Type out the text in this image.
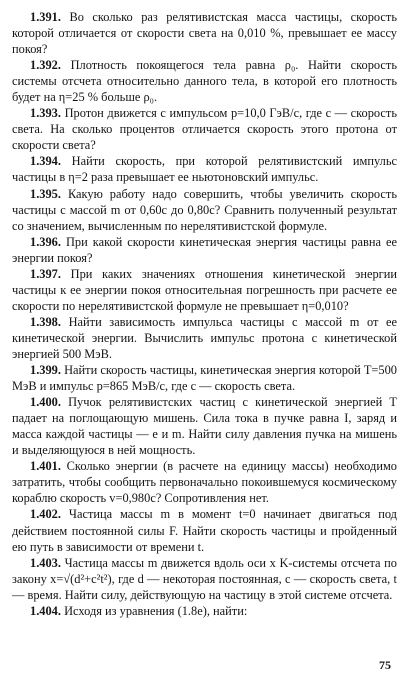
1.391. Во сколько раз релятивистская масса частицы, скорость которой отличается от скорости света на 0,010 %, превышает ее массу покоя?

1.392. Плотность покоящегося тела равна ρ₀. Найти скорость системы отсчета относительно данного тела, в которой его плотность будет на η=25 % больше ρ₀.

1.393. Протон движется с импульсом p=10,0 ГэВ/с, где с — скорость света. На сколько процентов отличается скорость этого протона от скорости света?

1.394. Найти скорость, при которой релятивистский импульс частицы в η=2 раза превышает ее ньютоновский импульс.

1.395. Какую работу надо совершить, чтобы увеличить скорость частицы с массой m от 0,60c до 0,80c? Сравнить полученный результат со значением, вычисленным по нерелятивистской формуле.

1.396. При какой скорости кинетическая энергия частицы равна ее энергии покоя?

1.397. При каких значениях отношения кинетической энергии частицы к ее энергии покоя относительная погрешность при расчете ее скорости по нерелятивистской формуле не превышает η=0,010?

1.398. Найти зависимость импульса частицы с массой m от ее кинетической энергии. Вычислить импульс протона с кинетической энергией 500 МэВ.

1.399. Найти скорость частицы, кинетическая энергия которой T=500 МэВ и импульс p=865 МэВ/с, где с — скорость света.

1.400. Пучок релятивистских частиц с кинетической энергией T падает на поглощающую мишень. Сила тока в пучке равна I, заряд и масса каждой частицы — e и m. Найти силу давления пучка на мишень и выделяющуюся в ней мощность.

1.401. Сколько энергии (в расчете на единицу массы) необходимо затратить, чтобы сообщить первоначально покоившемуся космическому кораблю скорость v=0,980c? Сопротивления нет.

1.402. Частица массы m в момент t=0 начинает двигаться под действием постоянной силы F. Найти скорость частицы и пройденный ею путь в зависимости от времени t.

1.403. Частица массы m движется вдоль оси x K-системы отсчета по закону x=√(d²+c²t²), где d — некоторая постоянная, c — скорость света, t — время. Найти силу, действующую на частицу в этой системе отсчета.

1.404. Исходя из уравнения (1.8е), найти:

75
